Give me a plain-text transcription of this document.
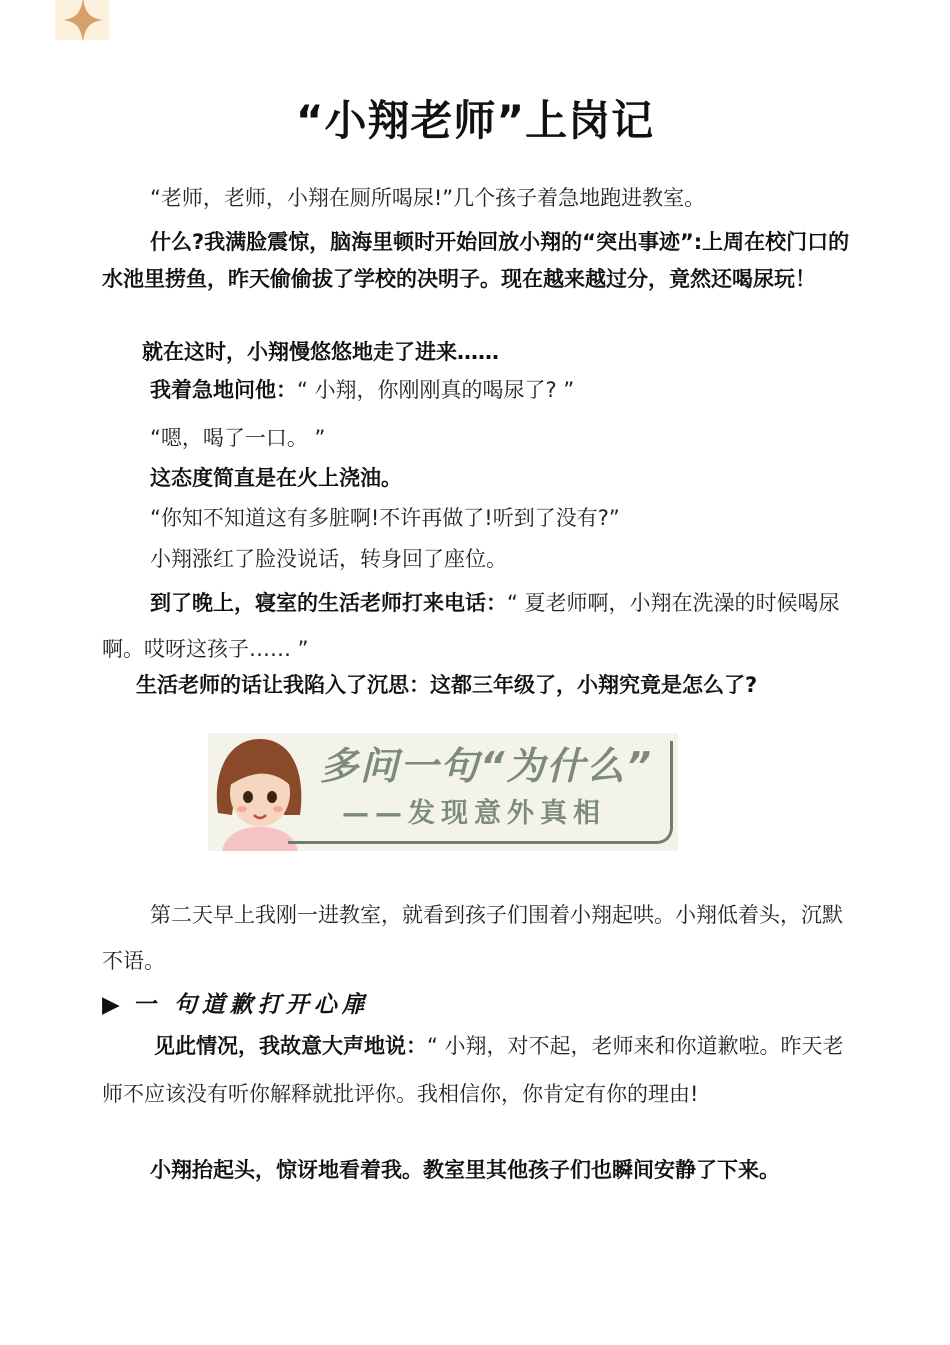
“小翔老师”上岗记
“老师，老师，小翔在厕所喝尿!”几个孩子着急地跑进教室。
什么?我满脸震惊，脑海里顿时开始回放小翔的“突出事迹”:上周在校门口的水池里捞鱼，昨天偷偷拔了学校的决明子。现在越来越过分，竟然还喝尿玩！
就在这时，小翔慢悠悠地走了进来……
我着急地问他：“ 小翔，你刚刚真的喝尿了? ”
“嗯，喝了一口。 ”
这态度简直是在火上浇油。
“你知不知道这有多脏啊!不许再做了!听到了没有?”
小翔涨红了脸没说话，转身回了座位。
到了晚上，寝室的生活老师打来电话：“ 夏老师啊，小翔在洗澡的时候喝尿啊。哎呀这孩子…… ”
生活老师的话让我陷入了沉思：这都三年级了，小翔究竟是怎么了?
多问一句“为什么”
——发现意外真相
第二天早上我刚一进教室，就看到孩子们围着小翔起哄。小翔低着头，沉默不语。
▶ 一 句道歉打开心扉
见此情况，我故意大声地说：“ 小翔，对不起，老师来和你道歉啦。昨天老师不应该没有听你解释就批评你。我相信你，你肯定有你的理由!
小翔抬起头，惊讶地看着我。教室里其他孩子们也瞬间安静了下来。
